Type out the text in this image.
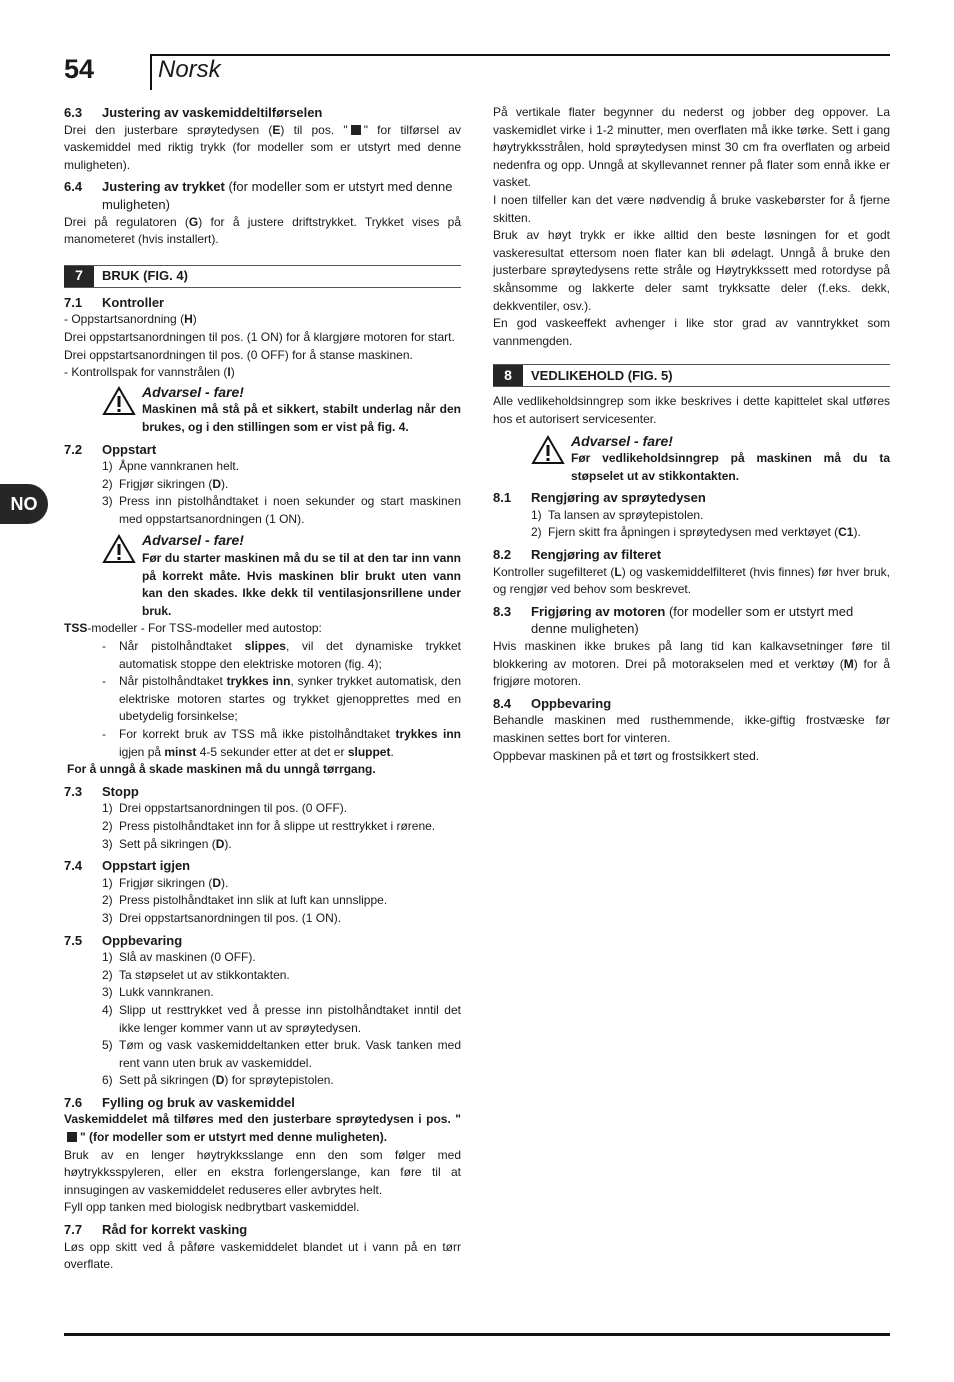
54	Norsk
NO
6.3	Justering av vaskemiddeltilførselen

Drei den justerbare sprøytedysen (E) til pos. " " for tilførsel av vaskemiddel med riktig trykk (for modeller som er utstyrt med denne muligheten).

6.4	Justering av trykket (for modeller som er utstyrt med denne muligheten)

Drei på regulatoren (G) for å justere driftstrykket. Trykket vises på manometeret (hvis installert).

7	BRUK (FIG. 4)
7.1	Kontroller

- Oppstartsanordning (H)

Drei oppstartsanordningen til pos. (1 ON) for å klargjøre motoren for start.

Drei oppstartsanordningen til pos. (0 OFF) for å stanse maskinen.

- Kontrollspak for vannstrålen (I)

Advarsel - fare!
Maskinen må stå på et sikkert, stabilt underlag når den brukes, og i den stillingen som er vist på fig. 4.
7.2	Oppstart
1) Åpne vannkranen helt.
2) Frigjør sikringen (D).
3) Press inn pistolhåndtaket i noen sekunder og start maskinen med oppstartsanordningen (1 ON).
Advarsel - fare!
Før du starter maskinen må du se til at den tar inn vann på korrekt måte. Hvis maskinen blir brukt uten vann kan den skades. Ikke dekk til ventilasjonsrillene under bruk.

TSS-modeller - For TSS-modeller med autostop:

-	Når pistolhåndtaket slippes, vil det dynamiske trykket automatisk stoppe den elektriske motoren (fig. 4);
-	Når pistolhåndtaket trykkes inn, synker trykket automatisk, den elektriske motoren startes og trykket gjenopprettes med en ubetydelig forsinkelse;
-	For korrekt bruk av TSS må ikke pistolhåndtaket trykkes inn igjen på minst 4-5 sekunder etter at det er sluppet.

For å unngå å skade maskinen må du unngå tørrgang.

7.3	Stopp
1) Drei oppstartsanordningen til pos. (0 OFF).
2) Press pistolhåndtaket inn for å slippe ut resttrykket i rørene.
3) Sett på sikringen (D).
7.4	Oppstart igjen
1) Frigjør sikringen (D).
2) Press pistolhåndtaket inn slik at luft kan unnslippe.
3) Drei oppstartsanordningen til pos. (1 ON).
7.5	Oppbevaring
1) Slå av maskinen (0 OFF).
2) Ta støpselet ut av stikkontakten.
3) Lukk vannkranen.
4) Slipp ut resttrykket ved å presse inn pistolhåndtaket inntil det ikke lenger kommer vann ut av sprøytedysen.
5) Tøm og vask vaskemiddeltanken etter bruk. Vask tanken med rent vann uten bruk av vaskemiddel.
6) Sett på sikringen (D) for sprøytepistolen.
7.6	Fylling og bruk av vaskemiddel

Vaskemiddelet må tilføres med den justerbare sprøytedysen i pos. "" (for modeller som er utstyrt med denne muligheten).

Bruk av en lenger høytrykksslange enn den som følger med høytrykksspyleren, eller en ekstra forlengerslange, kan føre til at innsugingen av vaskemiddelet reduseres eller avbrytes helt.

Fyll opp tanken med biologisk nedbrytbart vaskemiddel.

7.7	Råd for korrekt vasking

Løs opp skitt ved å påføre vaskemiddelet blandet ut i vann på en tørr overflate.

På vertikale flater begynner du nederst og jobber deg oppover. La vaskemidlet virke i 1-2 minutter, men overflaten må ikke tørke. Sett i gang høytrykksstrålen, hold sprøytedysen minst 30 cm fra overflaten og arbeid nedenfra og opp. Unngå at skyllevannet renner på flater som ennå ikke er vasket.

I noen tilfeller kan det være nødvendig å bruke vaskebørster for å fjerne skitten.

Bruk av høyt trykk er ikke alltid den beste løsningen for et godt vaskeresultat ettersom noen flater kan bli ødelagt. Unngå å bruke den justerbare sprøytedysens rette stråle og Høytrykkssett med rotordyse på skånsomme og lakkerte deler samt trykksatte deler (f.eks. dekk, dekkventiler, osv.).

En god vaskeeffekt avhenger i like stor grad av vanntrykket som vannmengden.

8	VEDLIKEHOLD (FIG. 5)

Alle vedlikeholdsinngrep som ikke beskrives i dette kapittelet skal utføres hos et autorisert servicesenter.

Advarsel - fare!
Før vedlikeholdsinngrep på maskinen må du ta støpselet ut av stikkontakten.
8.1	Rengjøring av sprøytedysen
1) Ta lansen av sprøytepistolen.
2) Fjern skitt fra åpningen i sprøytedysen med verktøyet (C1).
8.2	Rengjøring av filteret

Kontroller sugefilteret (L) og vaskemiddelfilteret (hvis finnes) før hver bruk, og rengjør ved behov som beskrevet.

8.3	Frigjøring av motoren (for modeller som er utstyrt med denne muligheten)

Hvis maskinen ikke brukes på lang tid kan kalkavsetninger føre til blokkering av motoren. Drei på motorakselen med et verktøy (M) for å frigjøre motoren.

8.4	Oppbevaring

Behandle maskinen med rusthemmende, ikke-giftig frostvæske før maskinen settes bort for vinteren.

Oppbevar maskinen på et tørt og frostsikkert sted.
